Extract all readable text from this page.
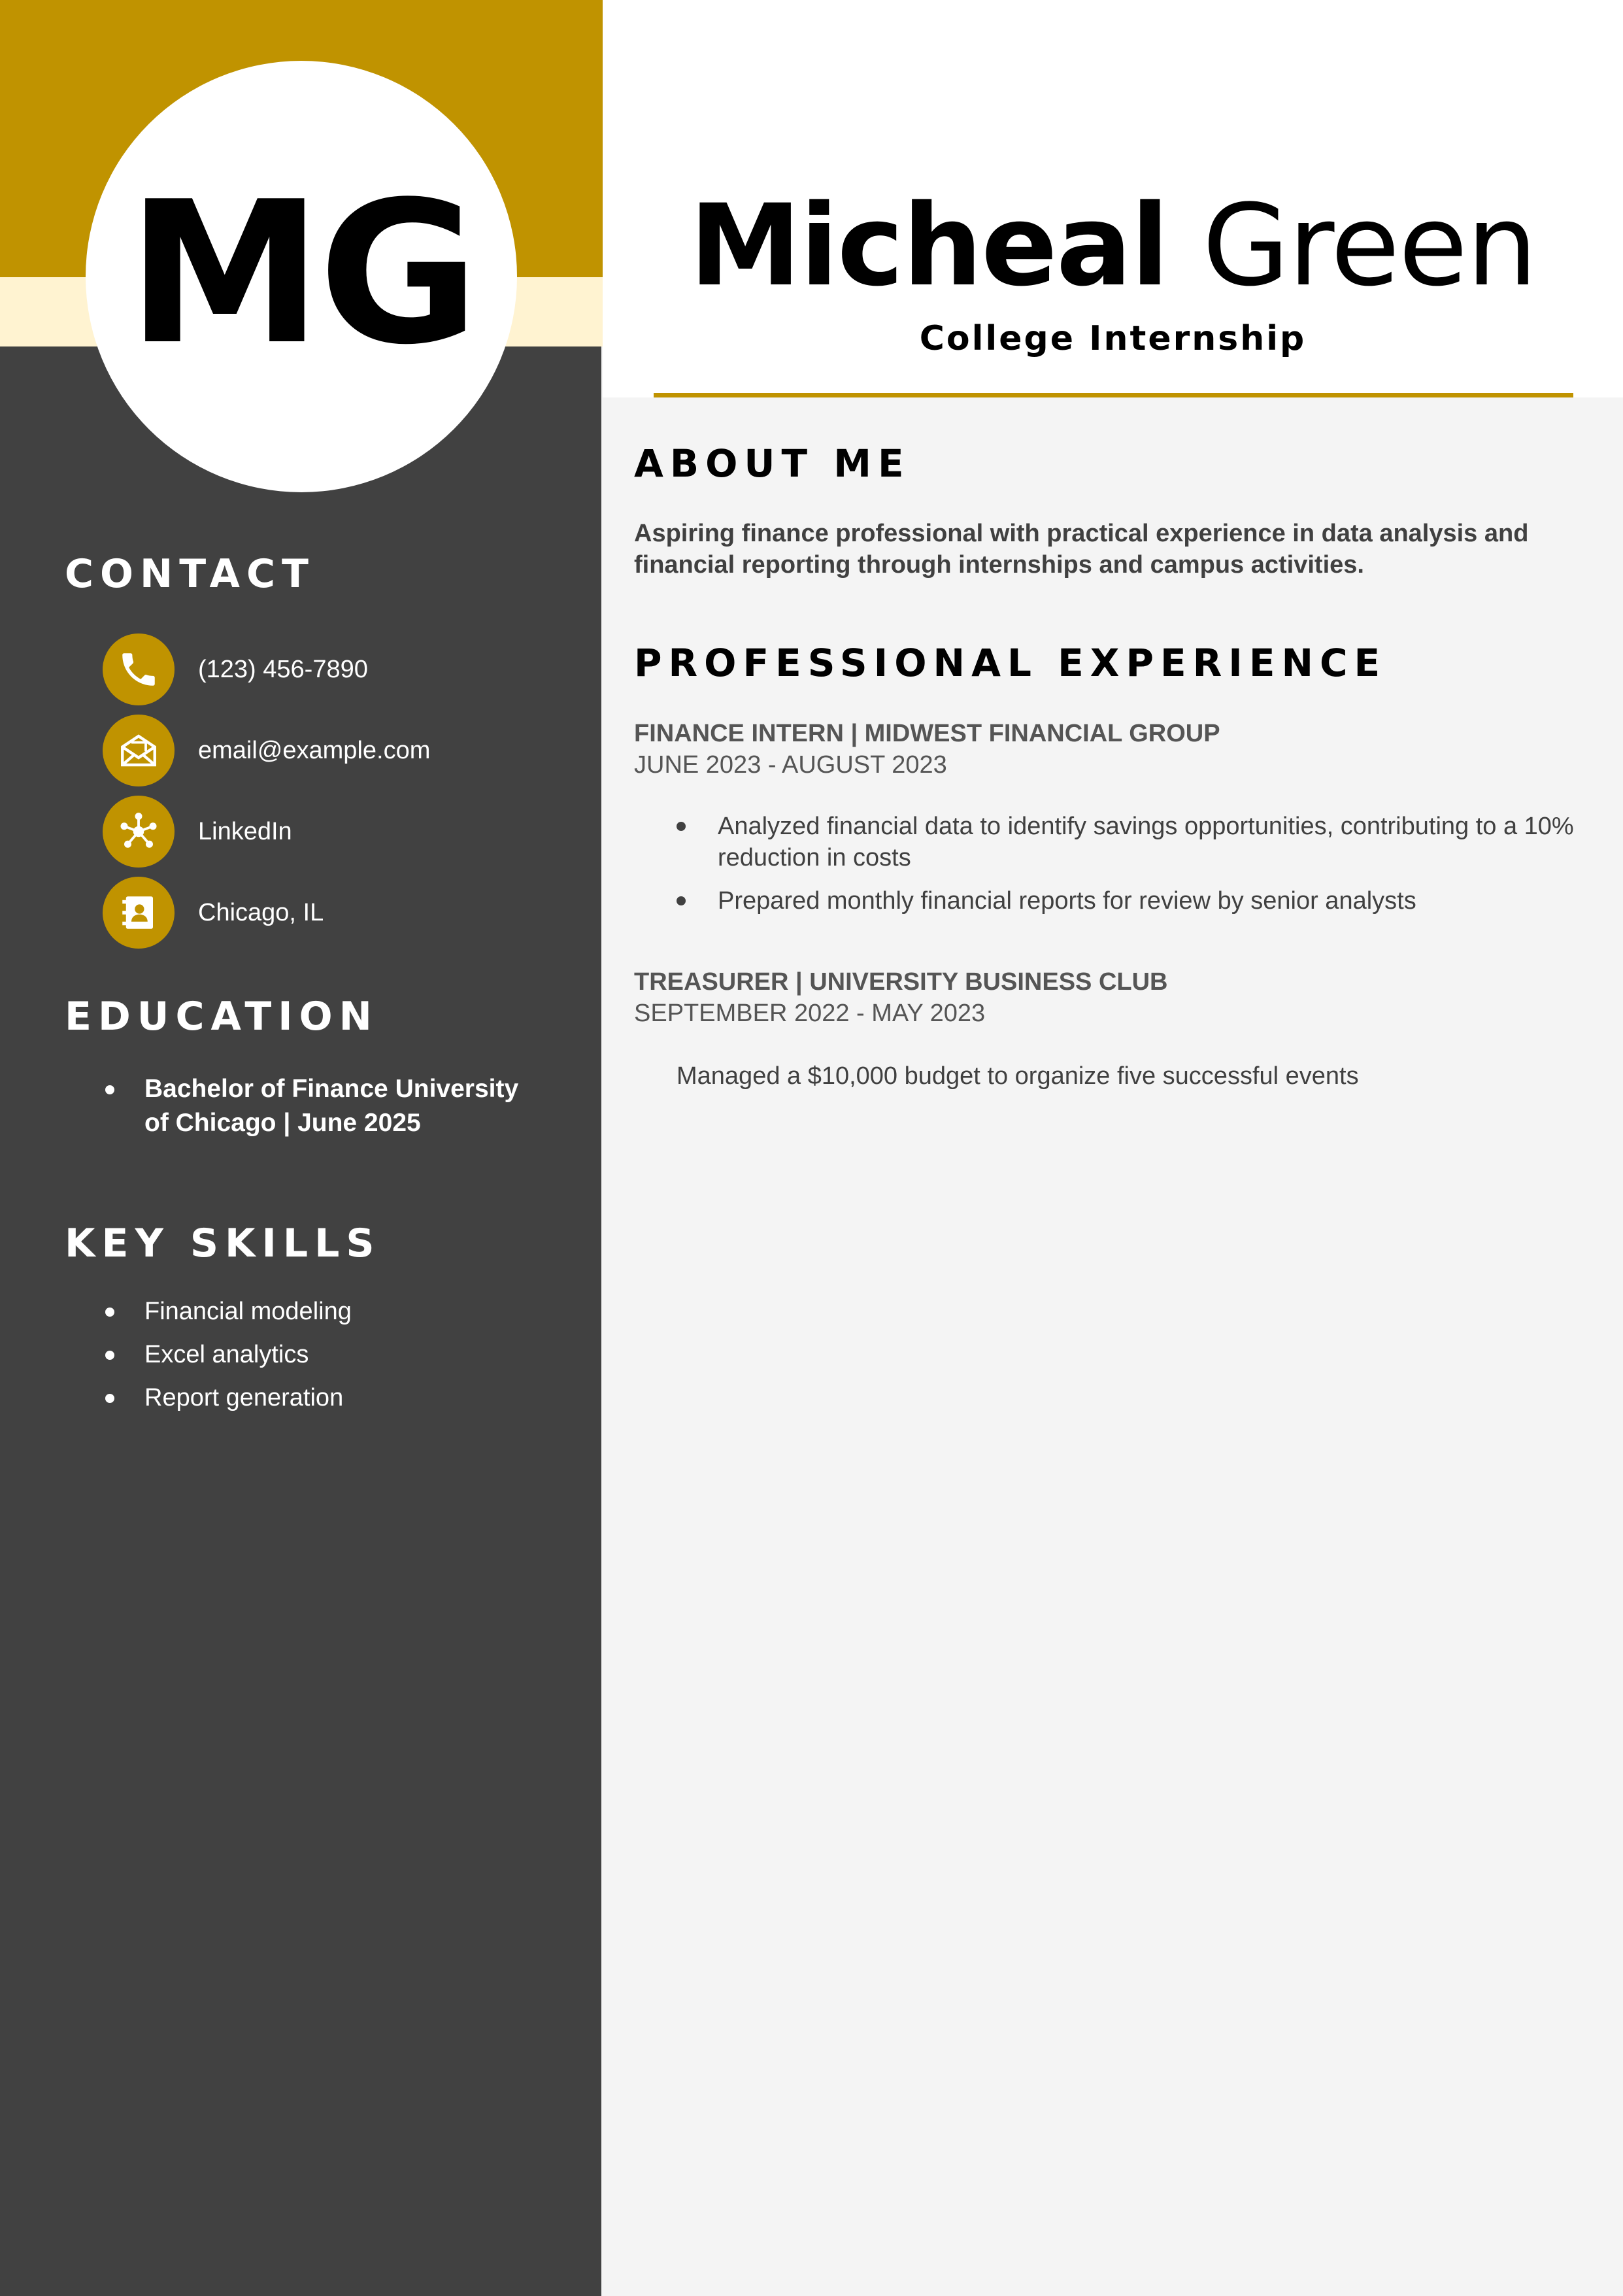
MG
CONTACT
(123) 456-7890
email@example.com
LinkedIn
Chicago, IL
EDUCATION
Bachelor of Finance University of Chicago | June 2025
KEY SKILLS
Financial modeling
Excel analytics
Report generation
Micheal Green
College Internship
ABOUT ME

Aspiring finance professional with practical experience in data analysis and financial reporting through internships and campus activities.

PROFESSIONAL EXPERIENCE

FINANCE INTERN | MIDWEST FINANCIAL GROUP

JUNE 2023 - AUGUST 2023

Analyzed financial data to identify savings opportunities, contributing to a 10% reduction in costs
Prepared monthly financial reports for review by senior analysts

TREASURER | UNIVERSITY BUSINESS CLUB

SEPTEMBER 2022 - MAY 2023

Managed a $10,000 budget to organize five successful events
